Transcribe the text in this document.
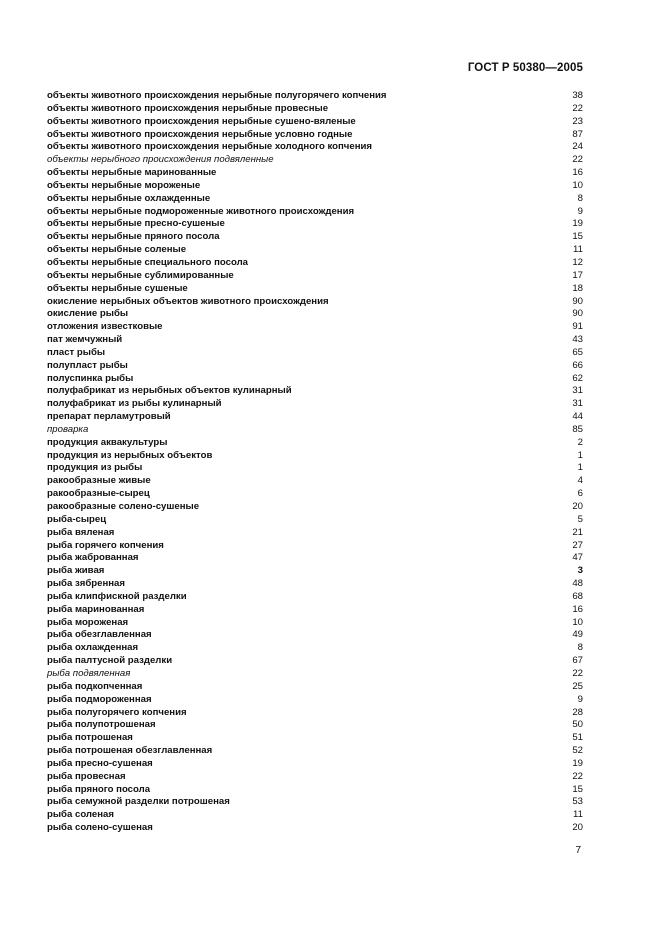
ГОСТ Р 50380—2005
объекты животного происхождения нерыбные полугорячего копчения	38
объекты животного происхождения нерыбные провесные	22
объекты животного происхождения нерыбные сушено-вяленые	23
объекты животного происхождения нерыбные условно годные	87
объекты животного происхождения нерыбные холодного копчения	24
объекты нерыбного происхождения подвяленные	22
объекты нерыбные маринованные	16
объекты нерыбные мороженые	10
объекты нерыбные охлажденные	8
объекты нерыбные подмороженные животного происхождения	9
объекты нерыбные пресно-сушеные	19
объекты нерыбные пряного посола	15
объекты нерыбные соленые	11
объекты нерыбные специального посола	12
объекты нерыбные сублимированные	17
объекты нерыбные сушеные	18
окисление нерыбных объектов животного происхождения	90
окисление рыбы	90
отложения известковые	91
пат жемчужный	43
пласт рыбы	65
полупласт рыбы	66
полуспинка рыбы	62
полуфабрикат из нерыбных объектов кулинарный	31
полуфабрикат из рыбы кулинарный	31
препарат перламутровый	44
проварка	85
продукция аквакультуры	2
продукция из нерыбных объектов	1
продукция из рыбы	1
ракообразные живые	4
ракообразные-сырец	6
ракообразные солено-сушеные	20
рыба-сырец	5
рыба вяленая	21
рыба горячего копчения	27
рыба жаброванная	47
рыба живая	3
рыба зябренная	48
рыба клипфискной разделки	68
рыба маринованная	16
рыба мороженая	10
рыба обезглавленная	49
рыба охлажденная	8
рыба палтусной разделки	67
рыба подвяленная	22
рыба подкопченная	25
рыба подмороженная	9
рыба полугорячего копчения	28
рыба полупотрошеная	50
рыба потрошеная	51
рыба потрошеная обезглавленная	52
рыба пресно-сушеная	19
рыба провесная	22
рыба пряного посола	15
рыба семужной разделки потрошеная	53
рыба соленая	11
рыба солено-сушеная	20
7
